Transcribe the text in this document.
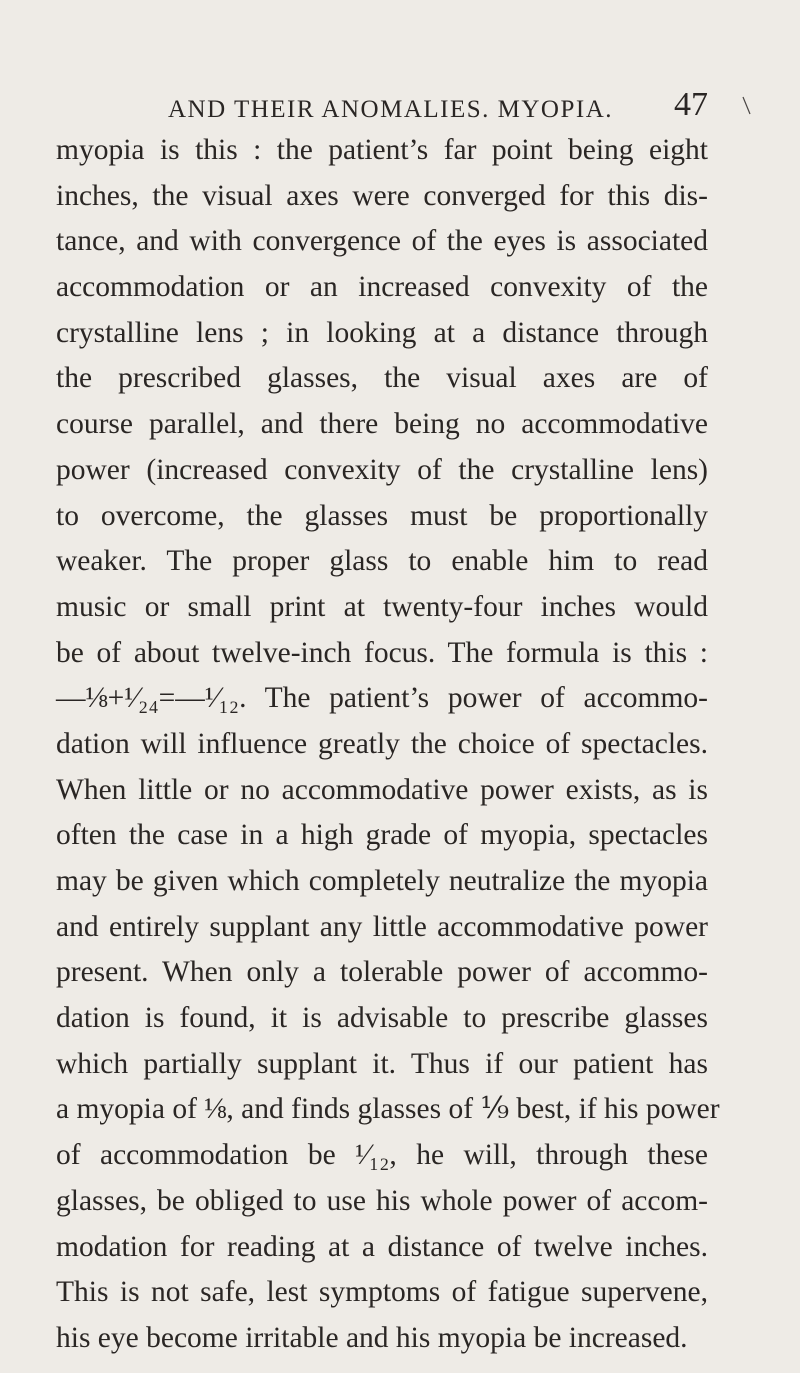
AND THEIR ANOMALIES. MYOPIA.	47
myopia is this : the patient’s far point being eight
inches, the visual axes were converged for this dis-
tance, and with convergence of the eyes is associated
accommodation or an increased convexity of the
crystalline lens ; in looking at a distance through
the prescribed glasses, the visual axes are of
course parallel, and there being no accommodative
power (increased convexity of the crystalline lens)
to overcome, the glasses must be proportionally
weaker. The proper glass to enable him to read
music or small print at twenty-four inches would
be of about twelve-inch focus. The formula is this :
—⅛+¹⁄₂₄=—¹⁄₁₂. The patient’s power of accommo-
dation will influence greatly the choice of spectacles.
When little or no accommodative power exists, as is
often the case in a high grade of myopia, spectacles
may be given which completely neutralize the myopia
and entirely supplant any little accommodative power
present. When only a tolerable power of accommo-
dation is found, it is advisable to prescribe glasses
which partially supplant it. Thus if our patient has
a myopia of ⅛, and finds glasses of ⅑ best, if his power
of accommodation be ¹⁄₁₂, he will, through these
glasses, be obliged to use his whole power of accom-
modation for reading at a distance of twelve inches.
This is not safe, lest symptoms of fatigue supervene,
his eye become irritable and his myopia be increased.
